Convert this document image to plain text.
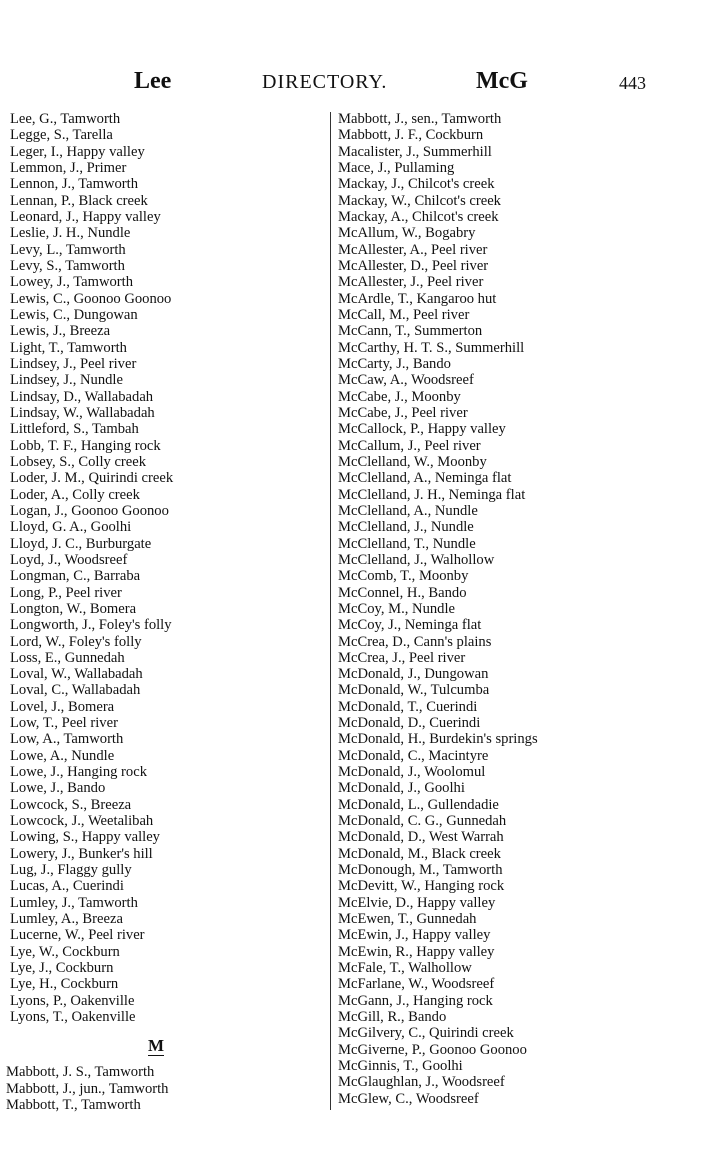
Lee	DIRECTORY.	McG	443
Lee, G., Tamworth
Legge, S., Tarella
Leger, I., Happy valley
Lemmon, J., Primer
Lennon, J., Tamworth
Lennan, P., Black creek
Leonard, J., Happy valley
Leslie, J. H., Nundle
Levy, L., Tamworth
Levy, S., Tamworth
Lowey, J., Tamworth
Lewis, C., Goonoo Goonoo
Lewis, C., Dungowan
Lewis, J., Breeza
Light, T., Tamworth
Lindsey, J., Peel river
Lindsey, J., Nundle
Lindsay, D., Wallabadah
Lindsay, W., Wallabadah
Littleford, S., Tambah
Lobb, T. F., Hanging rock
Lobsey, S., Colly creek
Loder, J. M., Quirindi creek
Loder, A., Colly creek
Logan, J., Goonoo Goonoo
Lloyd, G. A., Goolhi
Lloyd, J. C., Burburgate
Loyd, J., Woodsreef
Longman, C., Barraba
Long, P., Peel river
Longton, W., Bomera
Longworth, J., Foley's folly
Lord, W., Foley's folly
Loss, E., Gunnedah
Loval, W., Wallabadah
Loval, C., Wallabadah
Lovel, J., Bomera
Low, T., Peel river
Low, A., Tamworth
Lowe, A., Nundle
Lowe, J., Hanging rock
Lowe, J., Bando
Lowcock, S., Breeza
Lowcock, J., Weetalibah
Lowing, S., Happy valley
Lowery, J., Bunker's hill
Lug, J., Flaggy gully
Lucas, A., Cuerindi
Lumley, J., Tamworth
Lumley, A., Breeza
Lucerne, W., Peel river
Lye, W., Cockburn
Lye, J., Cockburn
Lye, H., Cockburn
Lyons, P., Oakenville
Lyons, T., Oakenville
M
Mabbott, J. S., Tamworth
Mabbott, J., jun., Tamworth
Mabbott, T., Tamworth
Mabbott, J., sen., Tamworth
Mabbott, J. F., Cockburn
Macalister, J., Summerhill
Mace, J., Pullaming
Mackay, J., Chilcot's creek
Mackay, W., Chilcot's creek
Mackay, A., Chilcot's creek
McAllum, W., Bogabry
McAllester, A., Peel river
McAllester, D., Peel river
McAllester, J., Peel river
McArdle, T., Kangaroo hut
McCall, M., Peel river
McCann, T., Summerton
McCarthy, H. T. S., Summerhill
McCarty, J., Bando
McCaw, A., Woodsreef
McCabe, J., Moonby
McCabe, J., Peel river
McCallock, P., Happy valley
McCallum, J., Peel river
McClelland, W., Moonby
McClelland, A., Neminga flat
McClelland, J. H., Neminga flat
McClelland, A., Nundle
McClelland, J., Nundle
McClelland, T., Nundle
McClelland, J., Walhollow
McComb, T., Moonby
McConnel, H., Bando
McCoy, M., Nundle
McCoy, J., Neminga flat
McCrea, D., Cann's plains
McCrea, J., Peel river
McDonald, J., Dungowan
McDonald, W., Tulcumba
McDonald, T., Cuerindi
McDonald, D., Cuerindi
McDonald, H., Burdekin's springs
McDonald, C., Macintyre
McDonald, J., Woolomul
McDonald, J., Goolhi
McDonald, L., Gullendadie
McDonald, C. G., Gunnedah
McDonald, D., West Warrah
McDonald, M., Black creek
McDonough, M., Tamworth
McDevitt, W., Hanging rock
McElvie, D., Happy valley
McEwen, T., Gunnedah
McEwin, J., Happy valley
McEwin, R., Happy valley
McFale, T., Walhollow
McFarlane, W., Woodsreef
McGann, J., Hanging rock
McGill, R., Bando
McGilvery, C., Quirindi creek
McGiverne, P., Goonoo Goonoo
McGinnis, T., Goolhi
McGlaughlan, J., Woodsreef
McGlew, C., Woodsreef
